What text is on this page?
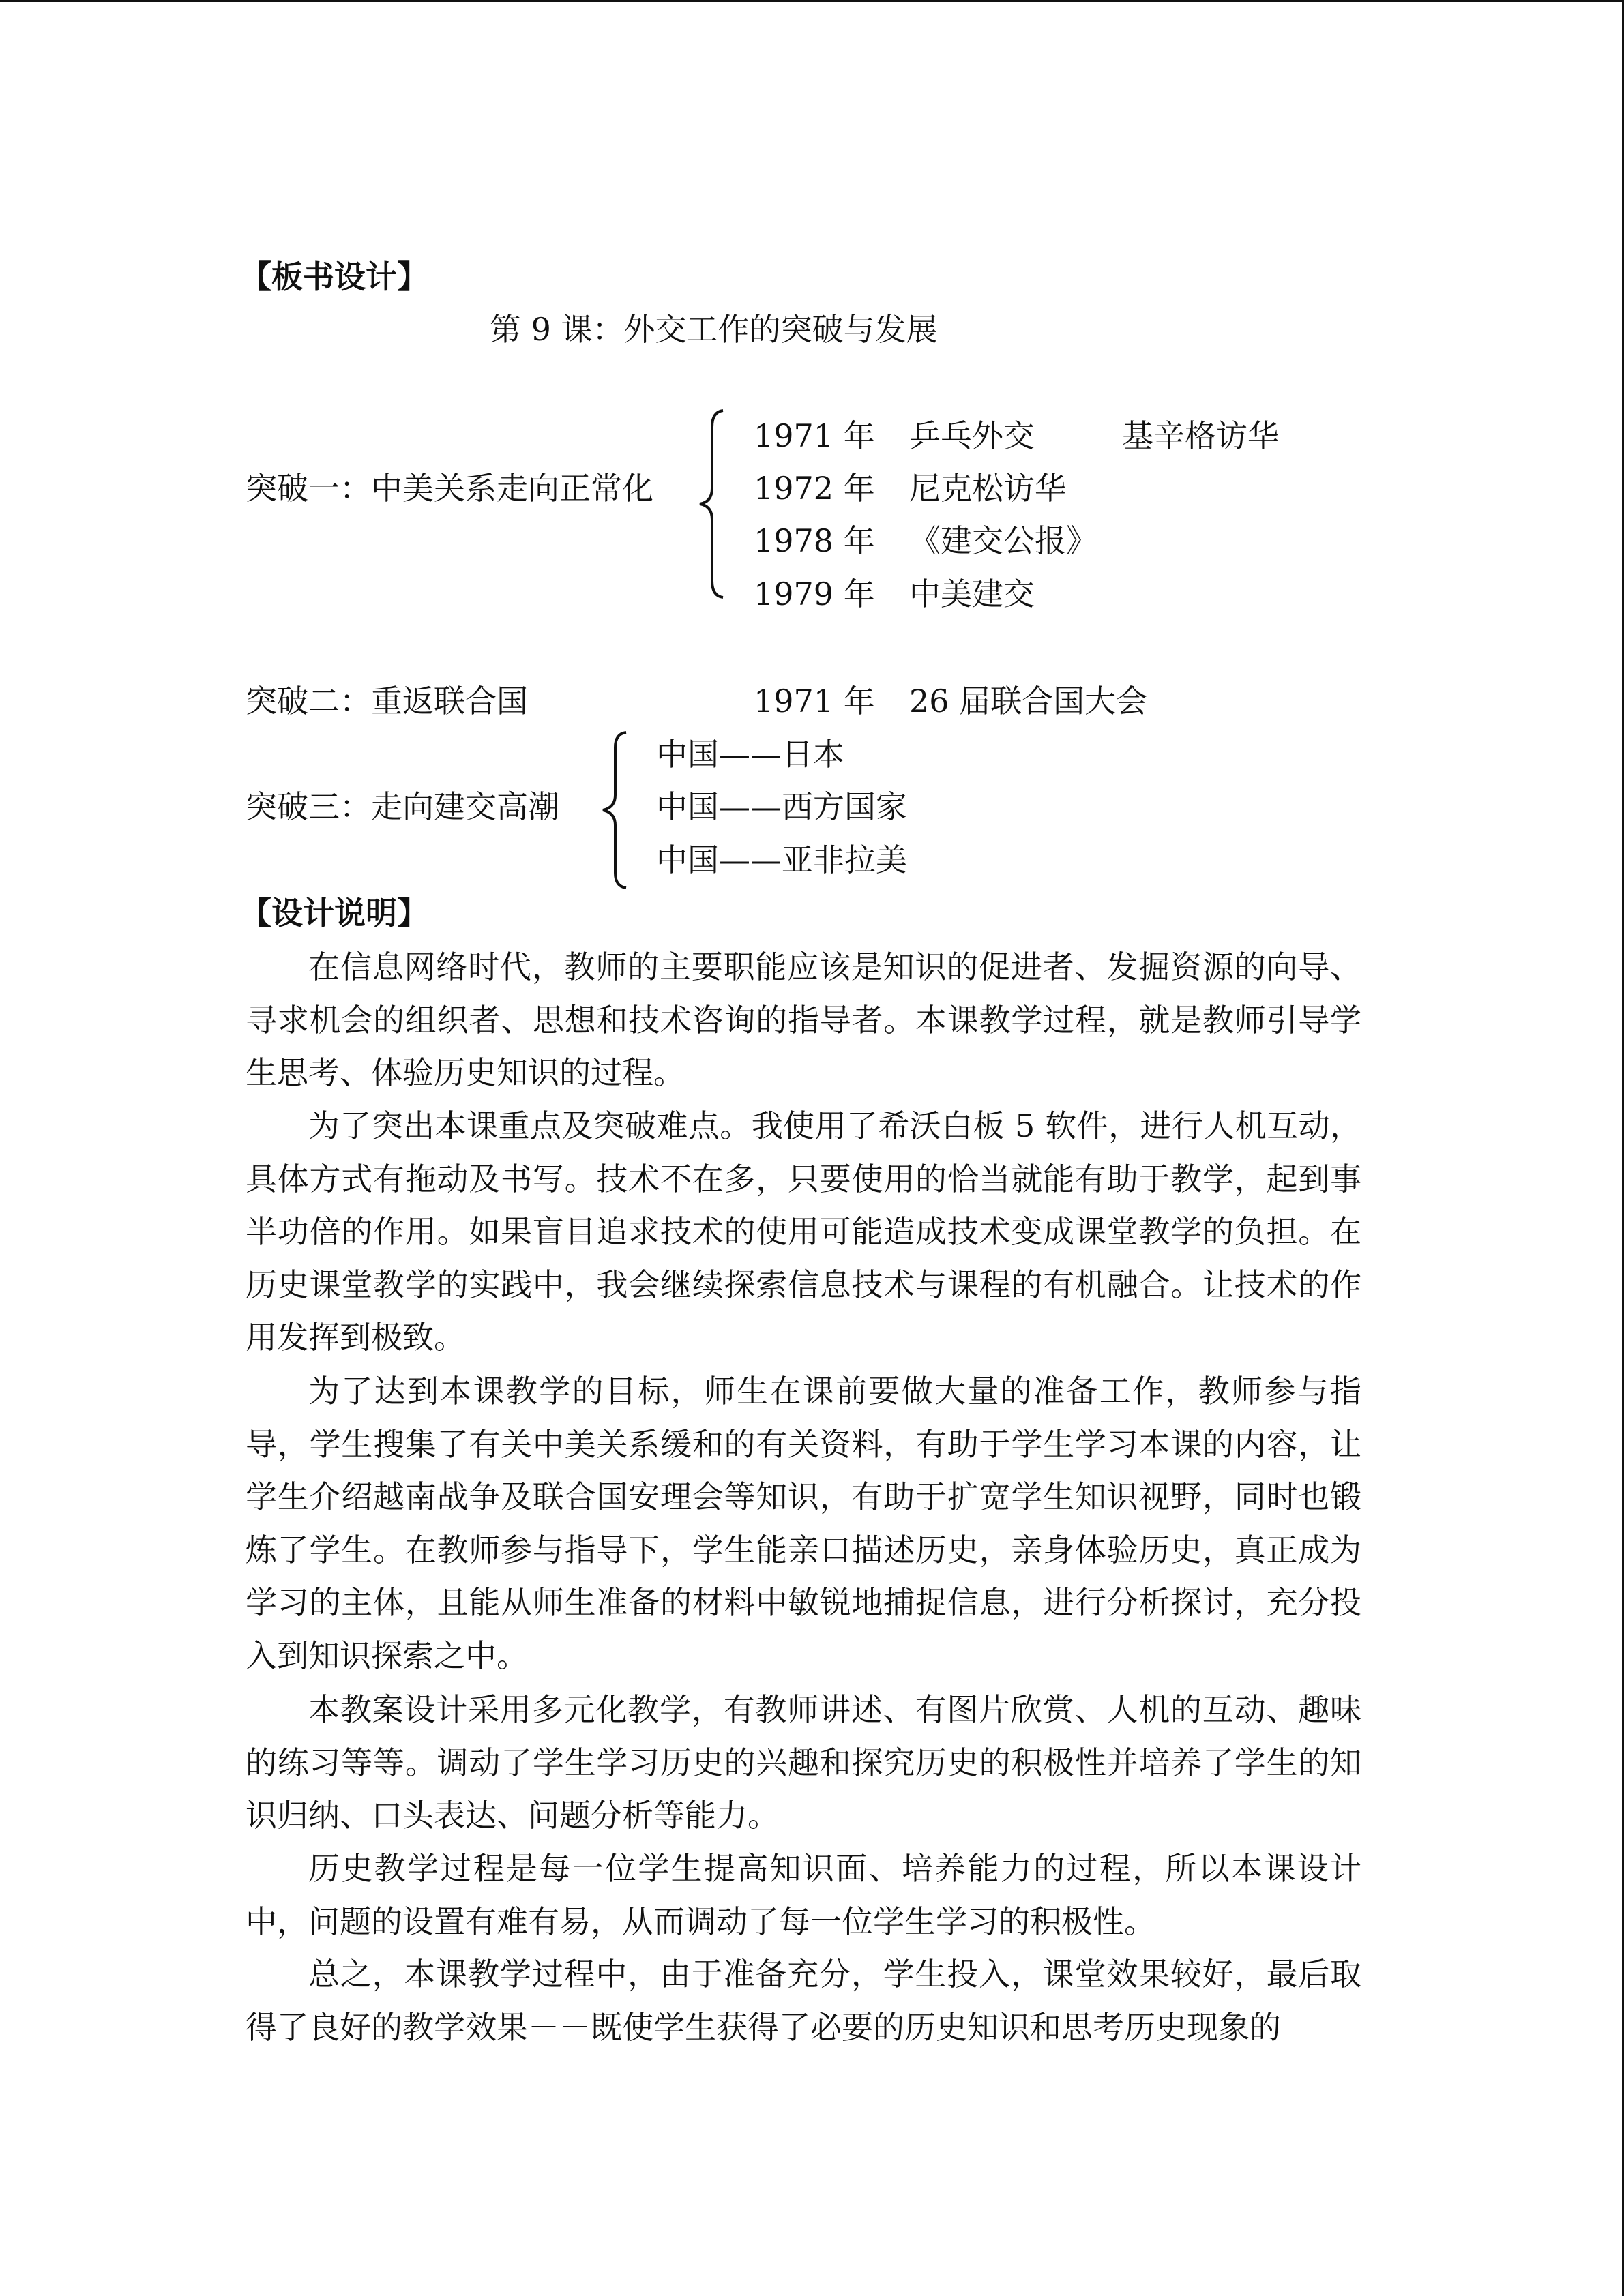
【板书设计】
第 9 课：外交工作的突破与发展
突破一：中美关系走向正常化
1971 年 乒乓外交	基辛格访华
1972 年 尼克松访华
1978 年 《建交公报》
1979 年 中美建交
突破二：重返联合国	1971 年 26 届联合国大会
突破三：走向建交高潮
中国——日本
中国——西方国家
中国——亚非拉美
【设计说明】

在信息网络时代，教师的主要职能应该是知识的促进者、发掘资源的向导、寻求机会的组织者、思想和技术咨询的指导者。本课教学过程，就是教师引导学生思考、体验历史知识的过程。

为了突出本课重点及突破难点。我使用了希沃白板 5 软件，进行人机互动，具体方式有拖动及书写。技术不在多，只要使用的恰当就能有助于教学，起到事半功倍的作用。如果盲目追求技术的使用可能造成技术变成课堂教学的负担。在历史课堂教学的实践中，我会继续探索信息技术与课程的有机融合。让技术的作用发挥到极致。

为了达到本课教学的目标，师生在课前要做大量的准备工作，教师参与指导，学生搜集了有关中美关系缓和的有关资料，有助于学生学习本课的内容，让学生介绍越南战争及联合国安理会等知识，有助于扩宽学生知识视野，同时也锻炼了学生。在教师参与指导下，学生能亲口描述历史，亲身体验历史，真正成为学习的主体，且能从师生准备的材料中敏锐地捕捉信息，进行分析探讨，充分投入到知识探索之中。

本教案设计采用多元化教学，有教师讲述、有图片欣赏、人机的互动、趣味的练习等等。调动了学生学习历史的兴趣和探究历史的积极性并培养了学生的知识归纳、口头表达、问题分析等能力。

历史教学过程是每一位学生提高知识面、培养能力的过程，所以本课设计中，问题的设置有难有易，从而调动了每一位学生学习的积极性。

总之，本课教学过程中，由于准备充分，学生投入，课堂效果较好，最后取得了良好的教学效果－－既使学生获得了必要的历史知识和思考历史现象的
